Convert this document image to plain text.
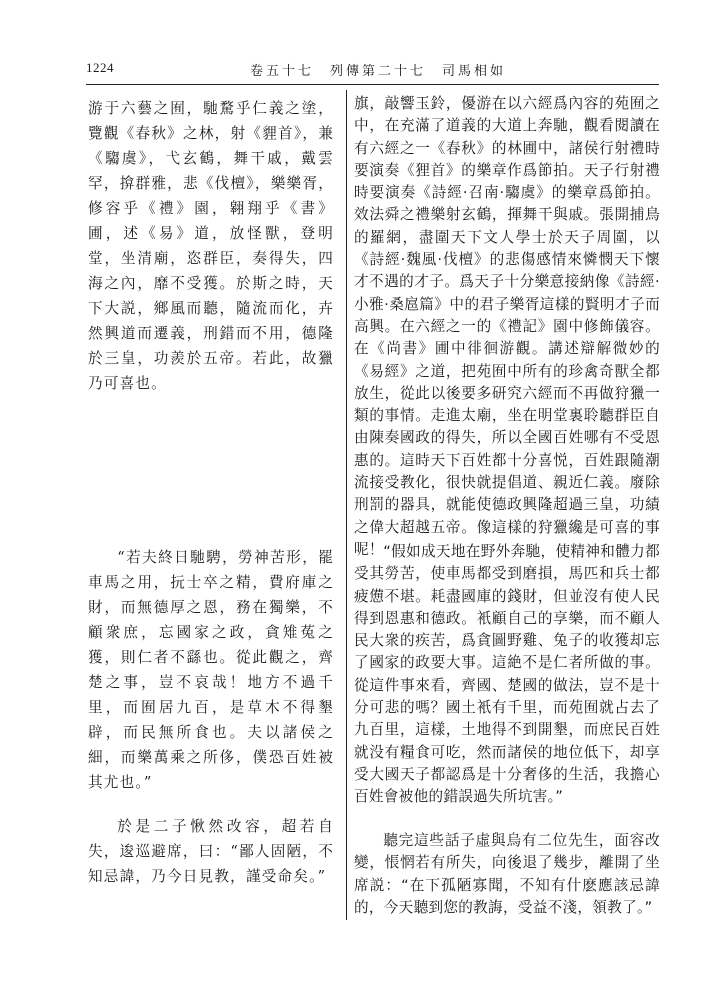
1224	卷五十七　列傳第二十七　司馬相如

游于六藝之囿，馳騖乎仁義之塗，覽觀《春秋》之林，射《貍首》，兼《騶虞》，弋玄鶴，舞干戚，戴雲罕，揜群雅，悲《伐檀》，樂樂胥，修容乎《禮》園，翱翔乎《書》圃，述《易》道，放怪獸，登明堂，坐清廟，恣群臣，奏得失，四海之內，靡不受獲。於斯之時，天下大説，鄉風而聽，隨流而化，卉然興道而遷義，刑錯而不用，德隆於三皇，功羨於五帝。若此，故獵乃可喜也。

“若夫終日馳騁，勞神苦形，罷車馬之用，抏士卒之精，費府庫之財，而無德厚之恩，務在獨樂，不顧衆庶，忘國家之政，貪雉菟之獲，則仁者不繇也。從此觀之，齊楚之事，豈不哀哉！地方不過千里，而囿居九百，是草木不得墾辟，而民無所食也。夫以諸侯之細，而樂萬乘之所侈，僕恐百姓被其尤也。”

於是二子愀然改容，超若自失，逡巡避席，曰：“鄙人固陋，不知忌諱，乃今日見教，謹受命矣。”

旗，敲響玉鈴，優游在以六經爲內容的苑囿之中，在充滿了道義的大道上奔馳，觀看閱讀在有六經之一《春秋》的林圃中，諸侯行射禮時要演奏《狸首》的樂章作爲節拍。天子行射禮時要演奏《詩經·召南·騶虞》的樂章爲節拍。效法舜之禮樂射玄鶴，揮舞干與戚。張開捕鳥的羅網，盡圍天下文人學士於天子周圍，以《詩經·魏風·伐檀》的悲傷感情來憐憫天下懷才不遇的才子。爲天子十分樂意接納像《詩經·小雅·桑扈篇》中的君子樂胥這樣的賢明才子而高興。在六經之一的《禮記》園中修飾儀容。在《尚書》圃中徘徊游觀。講述辯解微妙的《易經》之道，把苑囿中所有的珍禽奇獸全都放生，從此以後要多研究六經而不再做狩獵一類的事情。走進太廟，坐在明堂裏聆聽群臣自由陳奏國政的得失，所以全國百姓哪有不受恩惠的。這時天下百姓都十分喜悦，百姓跟隨潮流接受教化，很快就提倡道、親近仁義。廢除刑罰的器具，就能使德政興隆超過三皇，功績之偉大超越五帝。像這樣的狩獵纔是可喜的事呢！ “假如成天地在野外奔馳，使精神和體力都受其勞苦，使車馬都受到磨損，馬匹和兵士都疲憊不堪。耗盡國庫的錢財，但並沒有使人民得到恩惠和德政。衹顧自己的享樂，而不顧人民大衆的疾苦，爲貪圖野雞、兔子的收獲却忘了國家的政要大事。這絶不是仁者所做的事。從這件事來看，齊國、楚國的做法，豈不是十分可悲的嗎？國土衹有千里，而苑囿就占去了九百里，這樣，土地得不到開墾，而庶民百姓就没有糧食可吃，然而諸侯的地位低下，却享受大國天子都認爲是十分奢侈的生活，我擔心百姓會被他的錯誤過失所坑害。”

聽完這些話子虛與烏有二位先生，面容改變，悵惘若有所失，向後退了幾步，離開了坐席説：“在下孤陋寡聞，不知有什麽應該忌諱的，今天聽到您的教誨，受益不淺，領教了。”
